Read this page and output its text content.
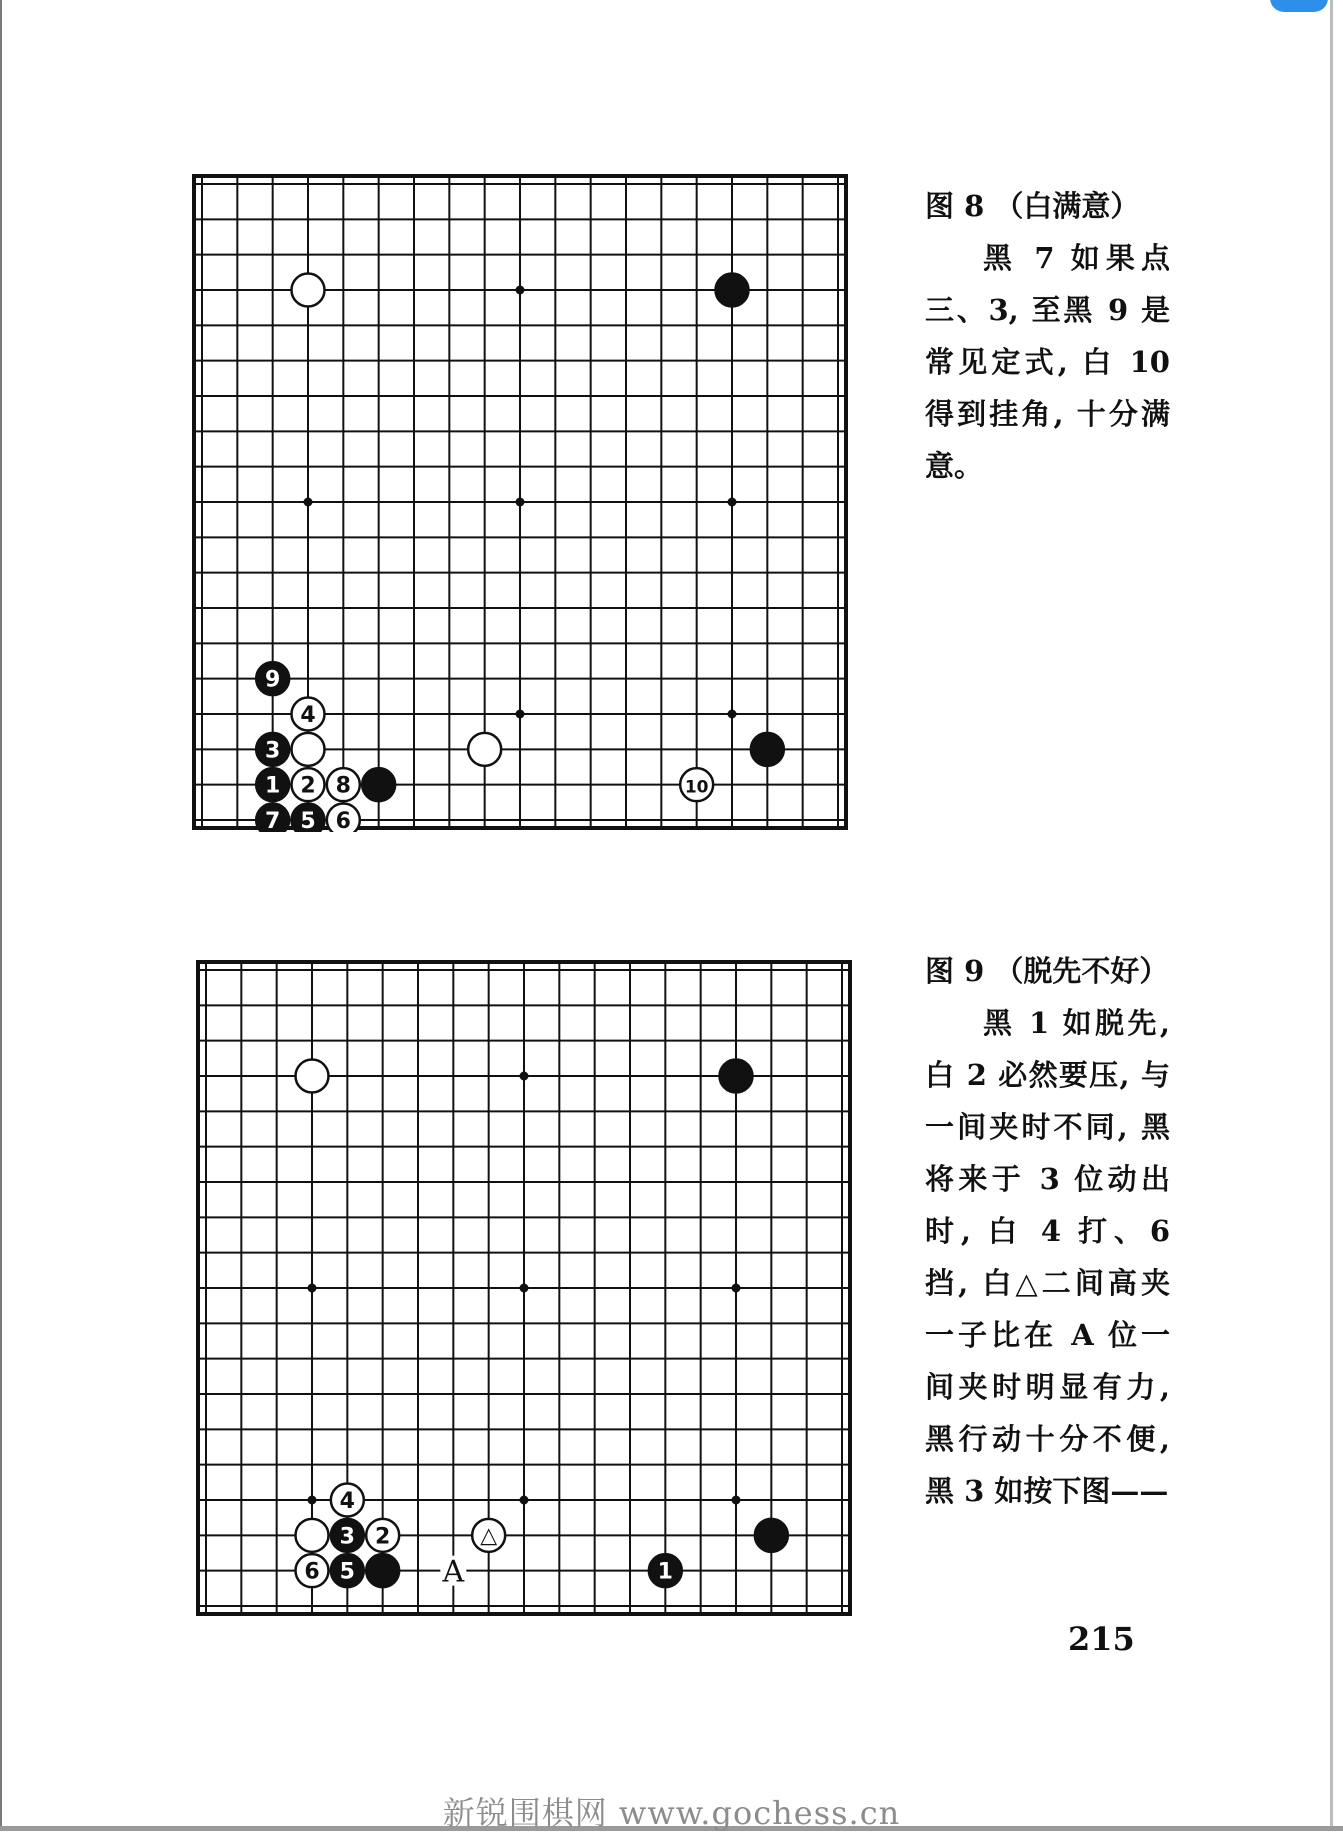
9
4
3
1 2 8	10
7 5 6
图 8 （白满意）
黑 7 如果点三、3, 至黑 9 是常见定式, 白 10 得到挂角, 十分满意。
4
3 2	△
6 5	1
A
图 9 （脱先不好）
黑 1 如脱先, 白 2 必然要压, 与一间夹时不同, 黑将来于 3 位动出时, 白 4 打、6 挡, 白△二间高夹一子比在 A 位一间夹时明显有力, 黑行动十分不便, 黑 3 如按下图——
215
新锐围棋网 www.gochess.cn
